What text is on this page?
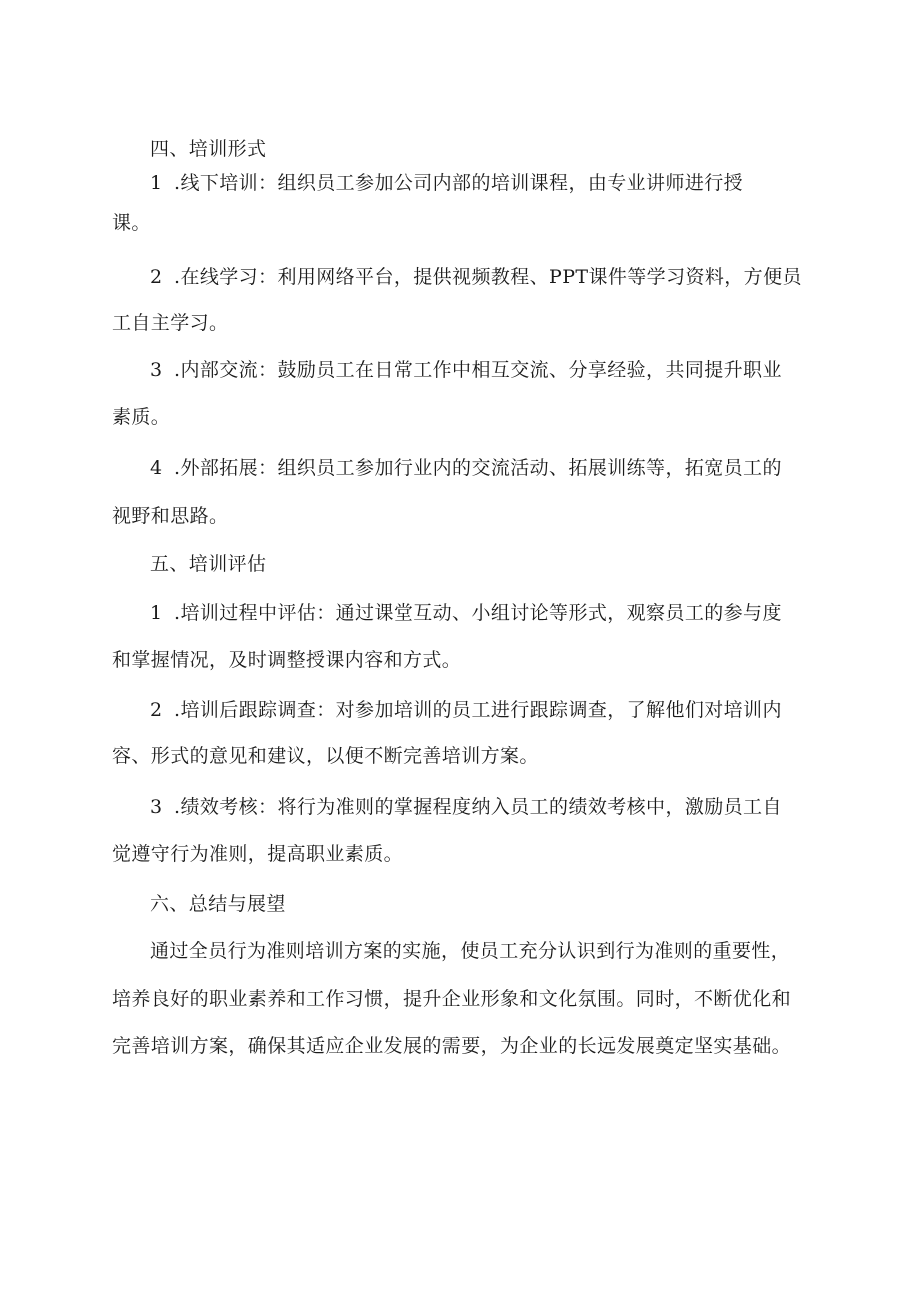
四、培训形式
1 .线下培训：组织员工参加公司内部的培训课程，由专业讲师进行授
课。
2 .在线学习：利用网络平台，提供视频教程、PPT课件等学习资料，方便员
工自主学习。
3 .内部交流：鼓励员工在日常工作中相互交流、分享经验，共同提升职业
素质。
4 .外部拓展：组织员工参加行业内的交流活动、拓展训练等，拓宽员工的
视野和思路。
五、培训评估
1 .培训过程中评估：通过课堂互动、小组讨论等形式，观察员工的参与度
和掌握情况，及时调整授课内容和方式。
2 .培训后跟踪调查：对参加培训的员工进行跟踪调查，了解他们对培训内
容、形式的意见和建议，以便不断完善培训方案。
3 .绩效考核：将行为准则的掌握程度纳入员工的绩效考核中，激励员工自
觉遵守行为准则，提高职业素质。
六、总结与展望
通过全员行为准则培训方案的实施，使员工充分认识到行为准则的重要性，
培养良好的职业素养和工作习惯，提升企业形象和文化氛围。同时，不断优化和
完善培训方案，确保其适应企业发展的需要，为企业的长远发展奠定坚实基础。
